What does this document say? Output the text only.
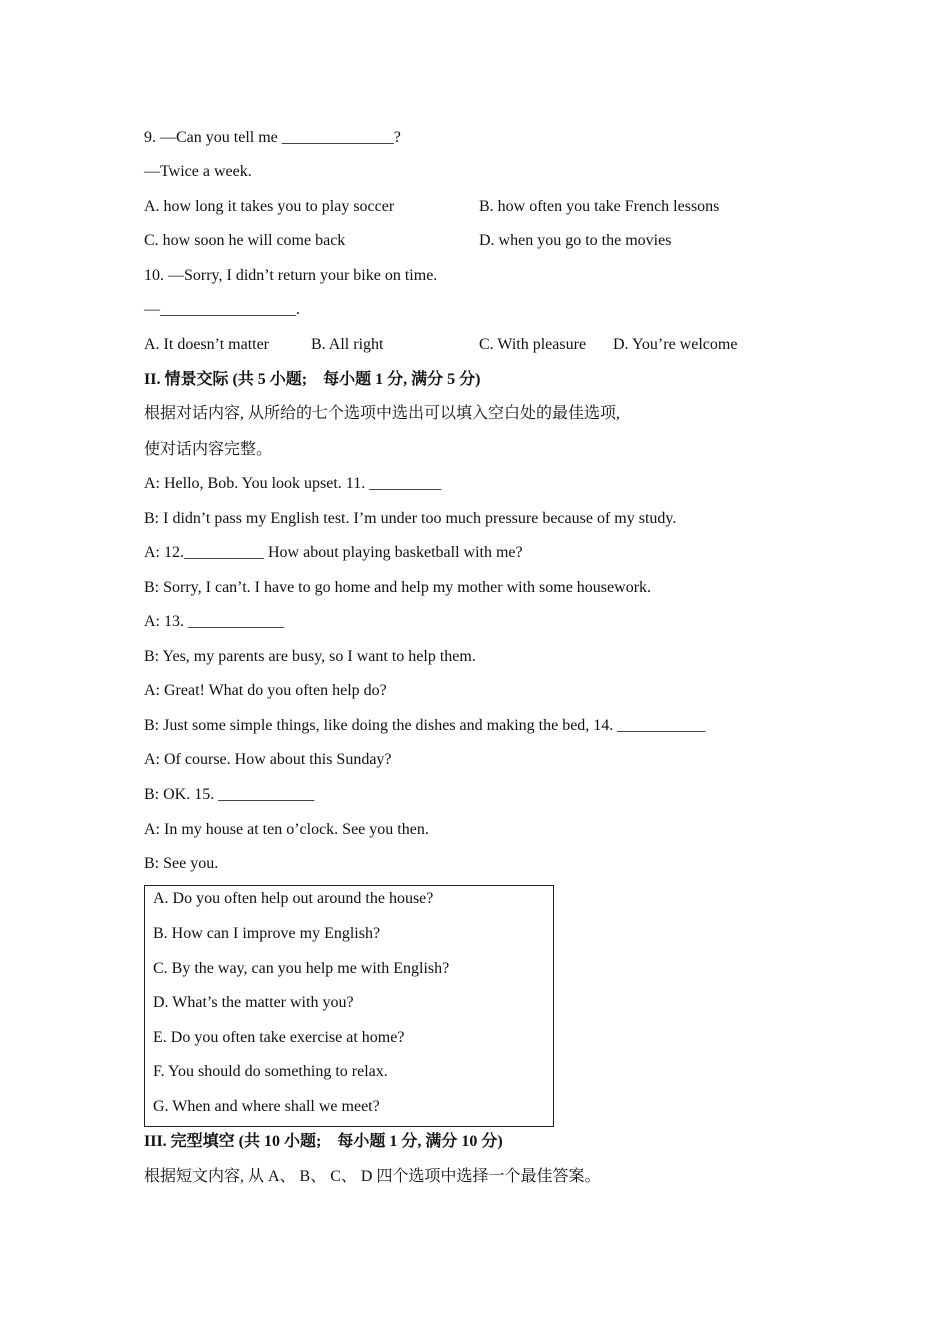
9. —Can you tell me ______________?
—Twice a week.
A. how long it takes you to play soccer	B. how often you take French lessons
C. how soon he will come back	D. when you go to the movies
10. —Sorry, I didn’t return your bike on time.
—_________________.
A. It doesn’t matter	B. All right	C. With pleasure D. You’re welcome
II. 情景交际 (共 5 小题;　每小题 1 分, 满分 5 分)
根据对话内容, 从所给的七个选项中选出可以填入空白处的最佳选项,
使对话内容完整。
A: Hello, Bob. You look upset. 11. _________
B: I didn’t pass my English test. I’m under too much pressure because of my study.
A: 12.__________ How about playing basketball with me?
B: Sorry, I can’t. I have to go home and help my mother with some housework.
A: 13. ____________
B: Yes, my parents are busy, so I want to help them.
A: Great! What do you often help do?
B: Just some simple things, like doing the dishes and making the bed, 14. ___________
A: Of course. How about this Sunday?
B: OK. 15. ____________
A: In my house at ten o’clock. See you then.
B: See you.
A. Do you often help out around the house?
B. How can I improve my English?
C. By the way, can you help me with English?
D. What’s the matter with you?
E. Do you often take exercise at home?
F. You should do something to relax.
G. When and where shall we meet?
III. 完型填空 (共 10 小题;　每小题 1 分, 满分 10 分)
根据短文内容, 从 A、 B、 C、 D 四个选项中选择一个最佳答案。
